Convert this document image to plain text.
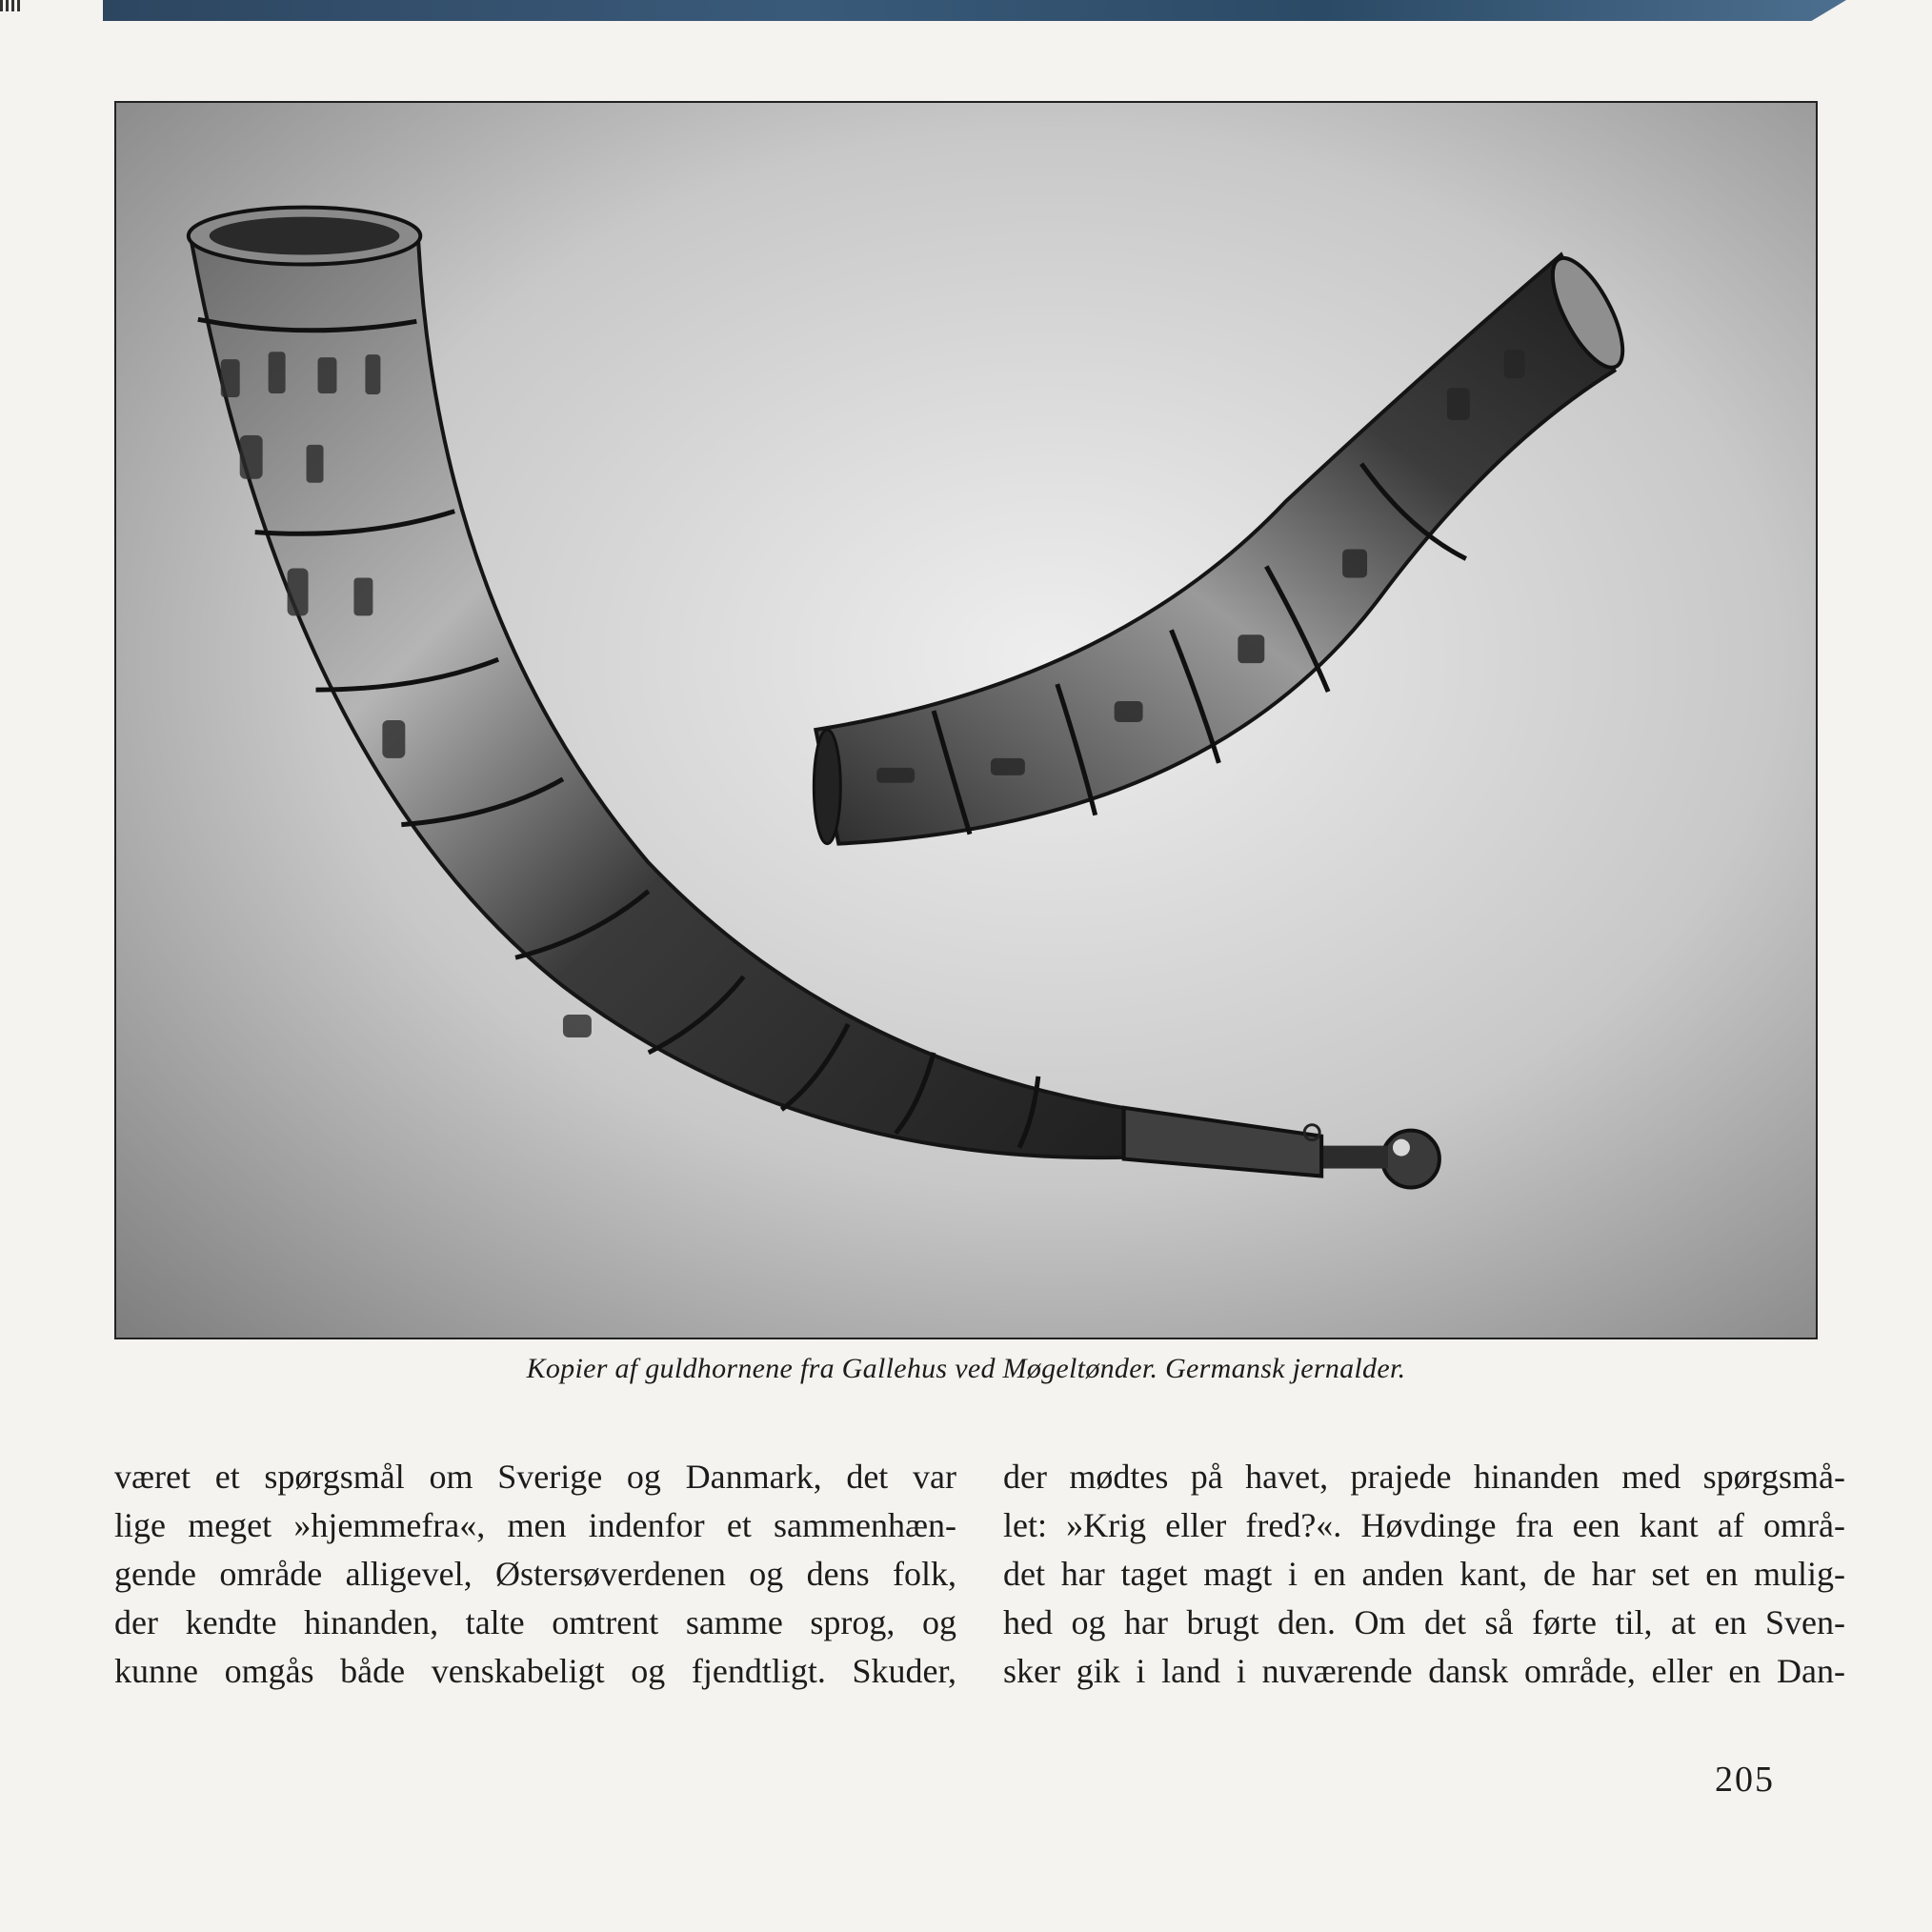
Kopier af guldhornene fra Gallehus ved Møgeltønder. Germansk jernalder.
været et spørgsmål om Sverige og Danmark, det var
lige meget »hjemmefra«, men indenfor et sammenhæn-
gende område alligevel, Østersøverdenen og dens folk,
der kendte hinanden, talte omtrent samme sprog, og
kunne omgås både venskabeligt og fjendtligt. Skuder,
der mødtes på havet, prajede hinanden med spørgsmå-
let: »Krig eller fred?«. Høvdinge fra een kant af områ-
det har taget magt i en anden kant, de har set en mulig-
hed og har brugt den. Om det så førte til, at en Sven-
sker gik i land i nuværende dansk område, eller en Dan-
205
